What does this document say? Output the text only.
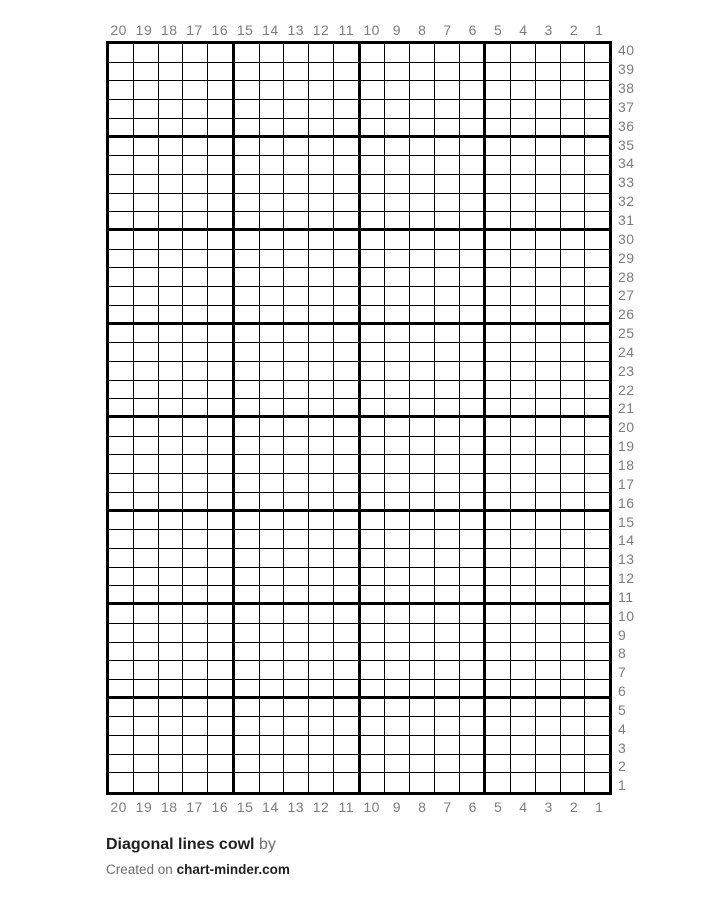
20 19 18 17 16 15 14 13 12 11 10 9	8	7	6	5	4	3	2	1
40
39
38
37
36
35
34
33
32
31
30
29
28
27
26
25
24
23
22
21
20
19
18
17
16
15
14
13
12
11
10
9
8
7
6
5
4
3
2
1
20 19 18 17 16 15 14 13 12 11 10 9	8	7	6	5	4	3	2	1
Diagonal lines cowl by
Created on chart-minder.com
